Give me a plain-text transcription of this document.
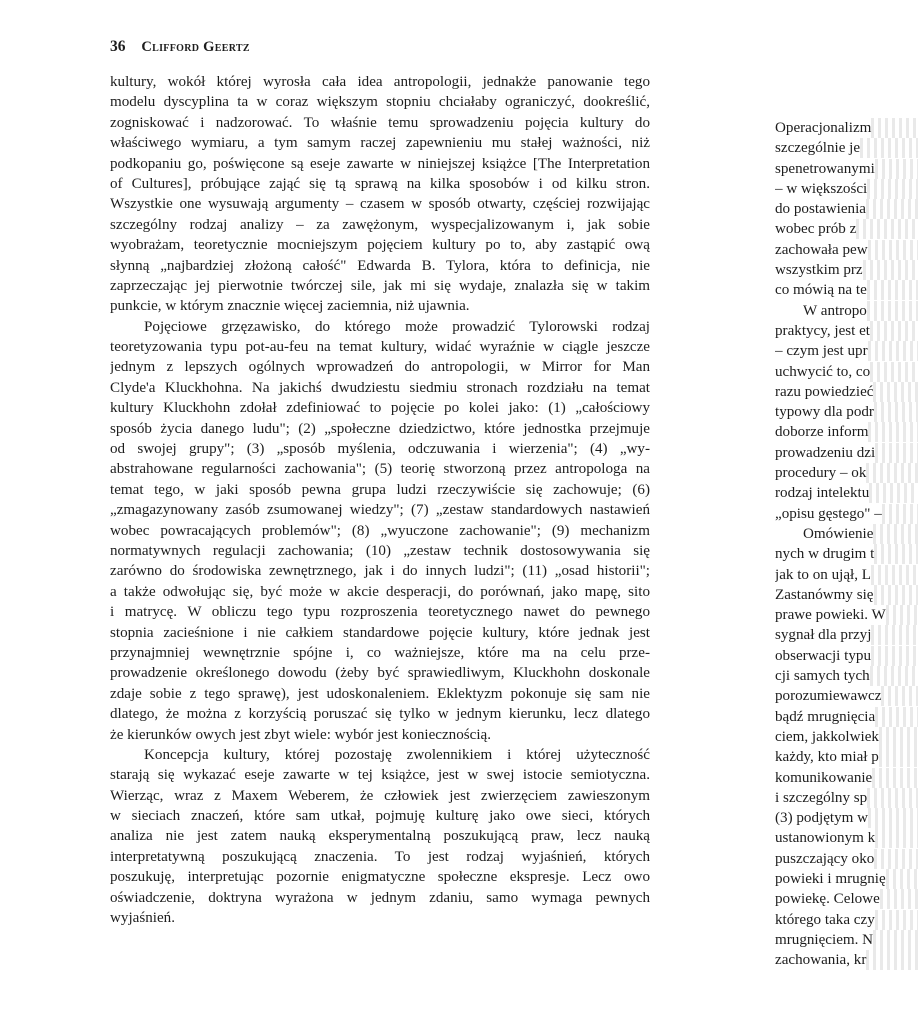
36 Clifford Geertz
kultury, wokół której wyrosła cała idea antropologii, jednakże panowanie tego
modelu dyscyplina ta w coraz większym stopniu chciałaby ograniczyć, dookreślić,
zogniskować i nadzorować. To właśnie temu sprowadzeniu pojęcia kultury do
właściwego wymiaru, a tym samym raczej zapewnieniu mu stałej ważności, niż
podkopaniu go, poświęcone są eseje zawarte w niniejszej książce [The Interpretation
of Cultures], próbujące zająć się tą sprawą na kilka sposobów i od kilku stron.
Wszystkie one wysuwają argumenty – czasem w sposób otwarty, częściej rozwijając
szczególny rodzaj analizy – za zawężonym, wyspecjalizowanym i, jak sobie
wyobrażam, teoretycznie mocniejszym pojęciem kultury po to, aby zastąpić ową
słynną „najbardziej złożoną całość" Edwarda B. Tylora, która to definicja, nie
zaprzeczając jej pierwotnie twórczej sile, jak mi się wydaje, znalazła się w takim
punkcie, w którym znacznie więcej zaciemnia, niż ujawnia.
Pojęciowe grzęzawisko, do którego może prowadzić Tylorowski rodzaj
teoretyzowania typu pot-au-feu na temat kultury, widać wyraźnie w ciągle jeszcze
jednym z lepszych ogólnych wprowadzeń do antropologii, w Mirror for Man
Clyde'a Kluckhohna. Na jakichś dwudziestu siedmiu stronach rozdziału na temat
kultury Kluckhohn zdołał zdefiniować to pojęcie po kolei jako: (1) „całościowy
sposób życia danego ludu"; (2) „społeczne dziedzictwo, które jednostka przejmuje
od swojej grupy"; (3) „sposób myślenia, odczuwania i wierzenia"; (4) „wy-
abstrahowane regularności zachowania"; (5) teorię stworzoną przez antropologa na
temat tego, w jaki sposób pewna grupa ludzi rzeczywiście się zachowuje; (6)
„zmagazynowany zasób zsumowanej wiedzy"; (7) „zestaw standardowych nastawień
wobec powracających problemów"; (8) „wyuczone zachowanie"; (9) mechanizm
normatywnych regulacji zachowania; (10) „zestaw technik dostosowywania się
zarówno do środowiska zewnętrznego, jak i do innych ludzi"; (11) „osad historii";
a także odwołując się, być może w akcie desperacji, do porównań, jako mapę, sito
i matrycę. W obliczu tego typu rozproszenia teoretycznego nawet do pewnego
stopnia zacieśnione i nie całkiem standardowe pojęcie kultury, które jednak jest
przynajmniej wewnętrznie spójne i, co ważniejsze, które ma na celu prze-
prowadzenie określonego dowodu (żeby być sprawiedliwym, Kluckhohn doskonale
zdaje sobie z tego sprawę), jest udoskonaleniem. Eklektyzm pokonuje się sam nie
dlatego, że można z korzyścią poruszać się tylko w jednym kierunku, lecz dlatego
że kierunków owych jest zbyt wiele: wybór jest koniecznością.
Koncepcja kultury, której pozostaję zwolennikiem i której użyteczność
starają się wykazać eseje zawarte w tej książce, jest w swej istocie semiotyczna.
Wierząc, wraz z Maxem Weberem, że człowiek jest zwierzęciem zawieszonym
w sieciach znaczeń, które sam utkał, pojmuję kulturę jako owe sieci, których
analiza nie jest zatem nauką eksperymentalną poszukującą praw, lecz nauką
interpretatywną poszukującą znaczenia. To jest rodzaj wyjaśnień, których
poszukuję, interpretując pozornie enigmatyczne społeczne ekspresje. Lecz owo
oświadczenie, doktryna wyrażona w jednym zdaniu, samo wymaga pewnych
wyjaśnień.
Operacjonalizm
szczególnie je
spenetrowanymi
– w większości
do postawienia
wobec prób z
zachowała pew
wszystkim prz
co mówią na te
W antropo
praktycy, jest et
– czym jest upr
uchwycić to, co
razu powiedzieć
typowy dla podr
doborze inform
prowadzeniu dzi
procedury – ok
rodzaj intelektu
„opisu gęstego" –
Omówienie
nych w drugim t
jak to on ujął, L
Zastanówmy się
prawe powieki. W
sygnał dla przyj
obserwacji typu
cji samych tych
porozumiewawcz
bądź mrugnięcia
ciem, jakkolwiek
każdy, kto miał p
komunikowanie
i szczególny sp
(3) podjętym w
ustanowionym k
puszczający oko
powieki i mrugnię
powiekę. Celowe
którego taka czy
mrugnięciem. N
zachowania, kr
